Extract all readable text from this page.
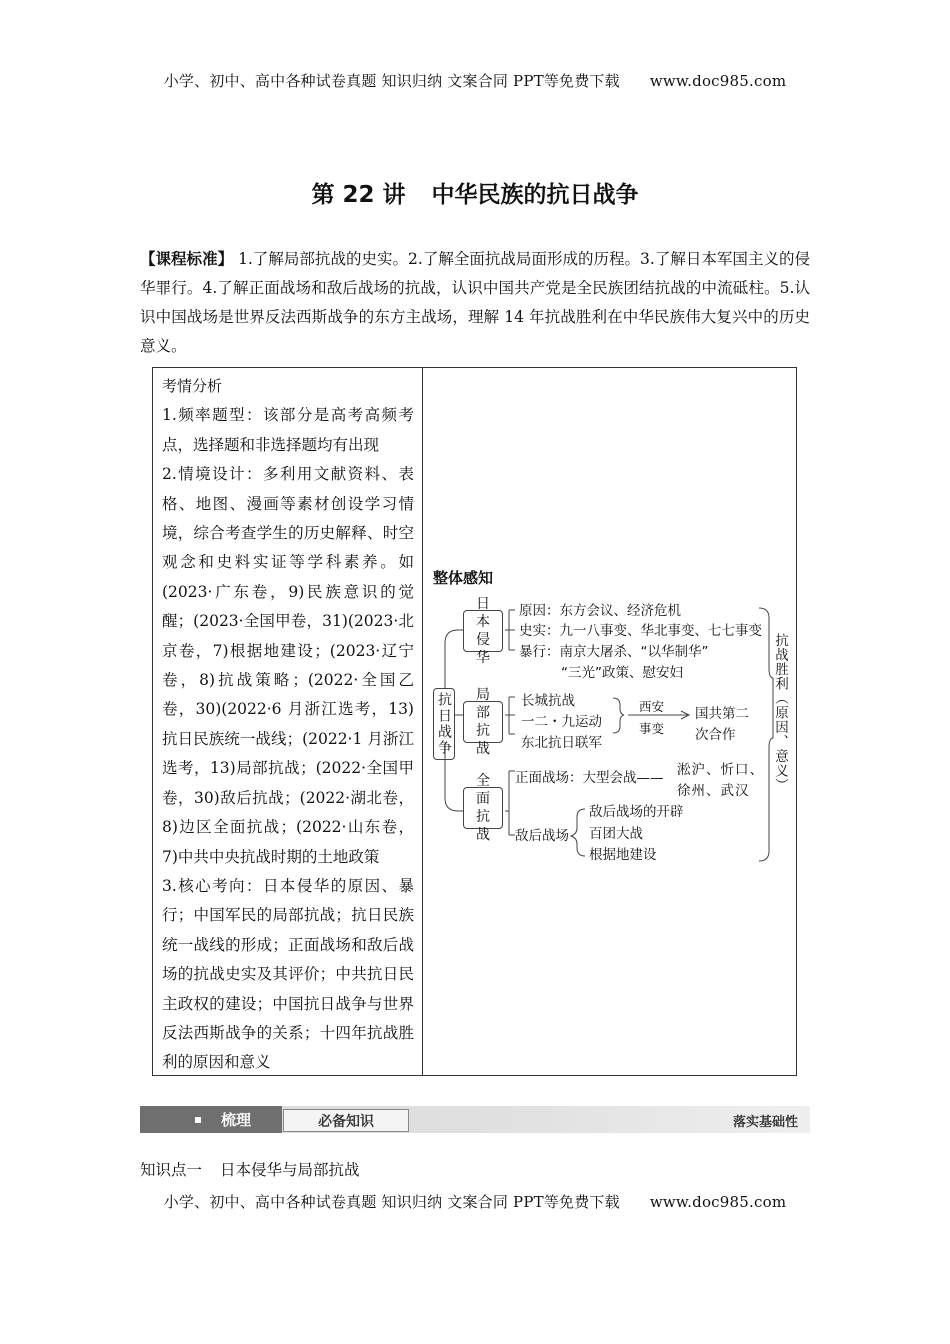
小学、初中、高中各种试卷真题 知识归纳 文案合同 PPT等免费下载 www.doc985.com
第 22 讲 中华民族的抗日战争
【课程标准】 1.了解局部抗战的史实。2.了解全面抗战局面形成的历程。3.了解日本军国主义的侵华罪行。4.了解正面战场和敌后战场的抗战，认识中国共产党是全民族团结抗战的中流砥柱。5.认识中国战场是世界反法西斯战争的东方主战场，理解 14 年抗战胜利在中华民族伟大复兴中的历史意义。
考情分析
1.频率题型：该部分是高考高频考点，选择题和非选择题均有出现
2.情境设计：多利用文献资料、表格、地图、漫画等素材创设学习情境，综合考查学生的历史解释、时空观念和史料实证等学科素养。如(2023·广东卷，9)民族意识的觉醒；(2023·全国甲卷，31)(2023·北京卷，7)根据地建设；(2023·辽宁卷，8)抗战策略；(2022·全国乙卷，30)(2022·6 月浙江选考，13)抗日民族统一战线；(2022·1 月浙江选考，13)局部抗战；(2022·全国甲卷，30)敌后抗战；(2022·湖北卷，8)边区全面抗战；(2022·山东卷，7)中共中央抗战时期的土地政策
3.核心考向：日本侵华的原因、暴行；中国军民的局部抗战；抗日民族统一战线的形成；正面战场和敌后战场的抗战史实及其评价；中共抗日民主政权的建设；中国抗日战争与世界反法西斯战争的关系；十四年抗战胜利的原因和意义
整体感知
抗日战争
日本侵华
原因：东方会议、经济危机
史实：九一八事变、华北事变、七七事变
暴行：南京大屠杀、“以华制华”
“三光”政策、慰安妇
局部抗战
长城抗战
一二・九运动
东北抗日联军
西安
事变
国共第二
次合作
全面抗战
正面战场：大型会战—— 淞沪、忻口、
徐州、武汉
敌后战场
敌后战场的开辟
百团大战
根据地建设
抗战胜利（原因、意义）
梳理	必备知识	落实基础性
知识点一 日本侵华与局部抗战
小学、初中、高中各种试卷真题 知识归纳 文案合同 PPT等免费下载 www.doc985.com
